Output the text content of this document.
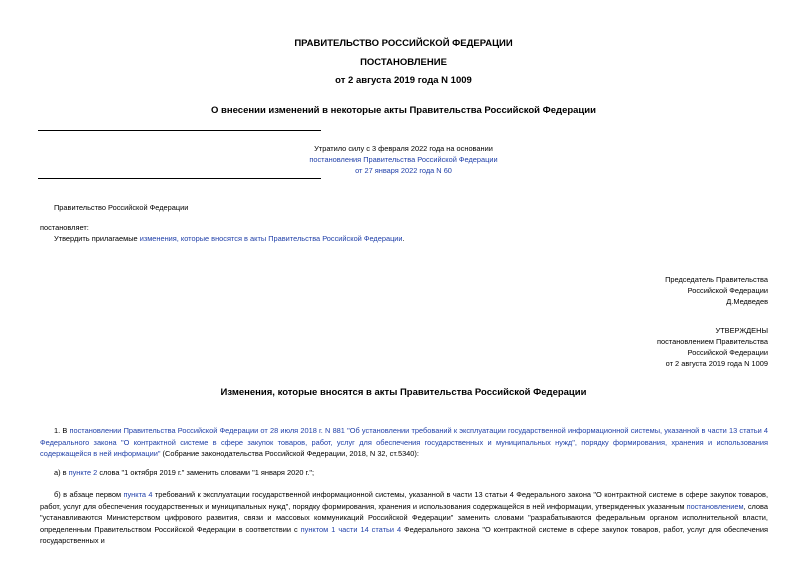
ПРАВИТЕЛЬСТВО РОССИЙСКОЙ ФЕДЕРАЦИИ
ПОСТАНОВЛЕНИЕ
от 2 августа 2019 года N 1009
О внесении изменений в некоторые акты Правительства Российской Федерации
Утратило силу с 3 февраля 2022 года на основании
постановления Правительства Российской Федерации
от 27 января 2022 года N 60
Правительство Российской Федерации
постановляет:
Утвердить прилагаемые изменения, которые вносятся в акты Правительства Российской Федерации.
Председатель Правительства
Российской Федерации
Д.Медведев
УТВЕРЖДЕНЫ
постановлением Правительства
Российской Федерации
от 2 августа 2019 года N 1009
Изменения, которые вносятся в акты Правительства Российской Федерации
1. В постановлении Правительства Российской Федерации от 28 июля 2018 г. N 881 "Об установлении требований к эксплуатации государственной информационной системы, указанной в части 13 статьи 4 Федерального закона "О контрактной системе в сфере закупок товаров, работ, услуг для обеспечения государственных и муниципальных нужд", порядку формирования, хранения и использования содержащейся в ней информации" (Собрание законодательства Российской Федерации, 2018, N 32, ст.5340):
а) в пункте 2 слова "1 октября 2019 г." заменить словами "1 января 2020 г.";
б) в абзаце первом пункта 4 требований к эксплуатации государственной информационной системы, указанной в части 13 статьи 4 Федерального закона "О контрактной системе в сфере закупок товаров, работ, услуг для обеспечения государственных и муниципальных нужд", порядку формирования, хранения и использования содержащейся в ней информации, утвержденных указанным постановлением, слова "устанавливаются Министерством цифрового развития, связи и массовых коммуникаций Российской Федерации" заменить словами "разрабатываются федеральным органом исполнительной власти, определенным Правительством Российской Федерации в соответствии с пунктом 1 части 14 статьи 4 Федерального закона "О контрактной системе в сфере закупок товаров, работ, услуг для обеспечения государственных и
